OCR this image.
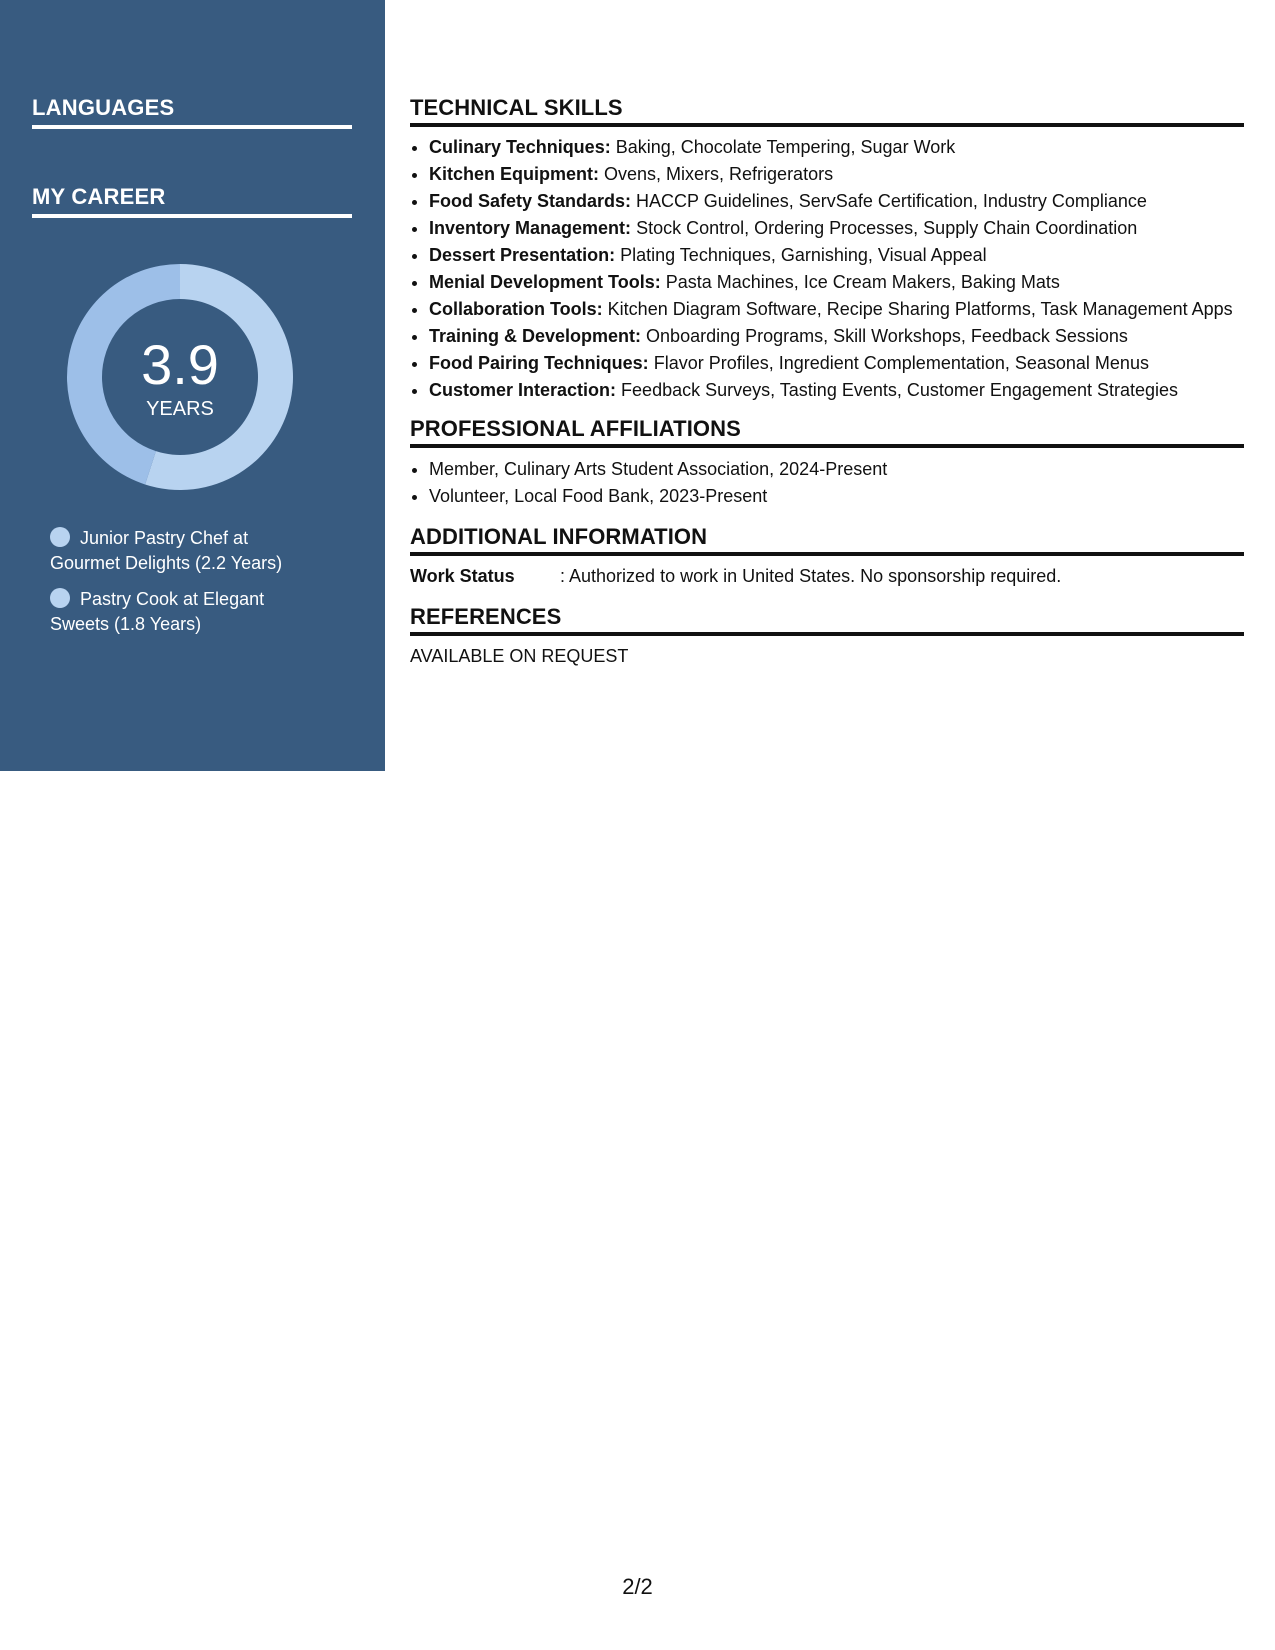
LANGUAGES
MY CAREER
3.9
YEARS
Junior Pastry Chef at Gourmet Delights (2.2 Years)
Pastry Cook at Elegant Sweets (1.8 Years)
TECHNICAL SKILLS
• Culinary Techniques: Baking, Chocolate Tempering, Sugar Work
• Kitchen Equipment: Ovens, Mixers, Refrigerators
• Food Safety Standards: HACCP Guidelines, ServSafe Certification, Industry Compliance
• Inventory Management: Stock Control, Ordering Processes, Supply Chain Coordination
• Dessert Presentation: Plating Techniques, Garnishing, Visual Appeal
• Menial Development Tools: Pasta Machines, Ice Cream Makers, Baking Mats
• Collaboration Tools: Kitchen Diagram Software, Recipe Sharing Platforms, Task Management Apps
• Training & Development: Onboarding Programs, Skill Workshops, Feedback Sessions
• Food Pairing Techniques: Flavor Profiles, Ingredient Complementation, Seasonal Menus
• Customer Interaction: Feedback Surveys, Tasting Events, Customer Engagement Strategies
PROFESSIONAL AFFILIATIONS
• Member, Culinary Arts Student Association, 2024-Present
• Volunteer, Local Food Bank, 2023-Present
ADDITIONAL INFORMATION
Work Status	: Authorized to work in United States. No sponsorship required.
REFERENCES

AVAILABLE ON REQUEST

2/2
